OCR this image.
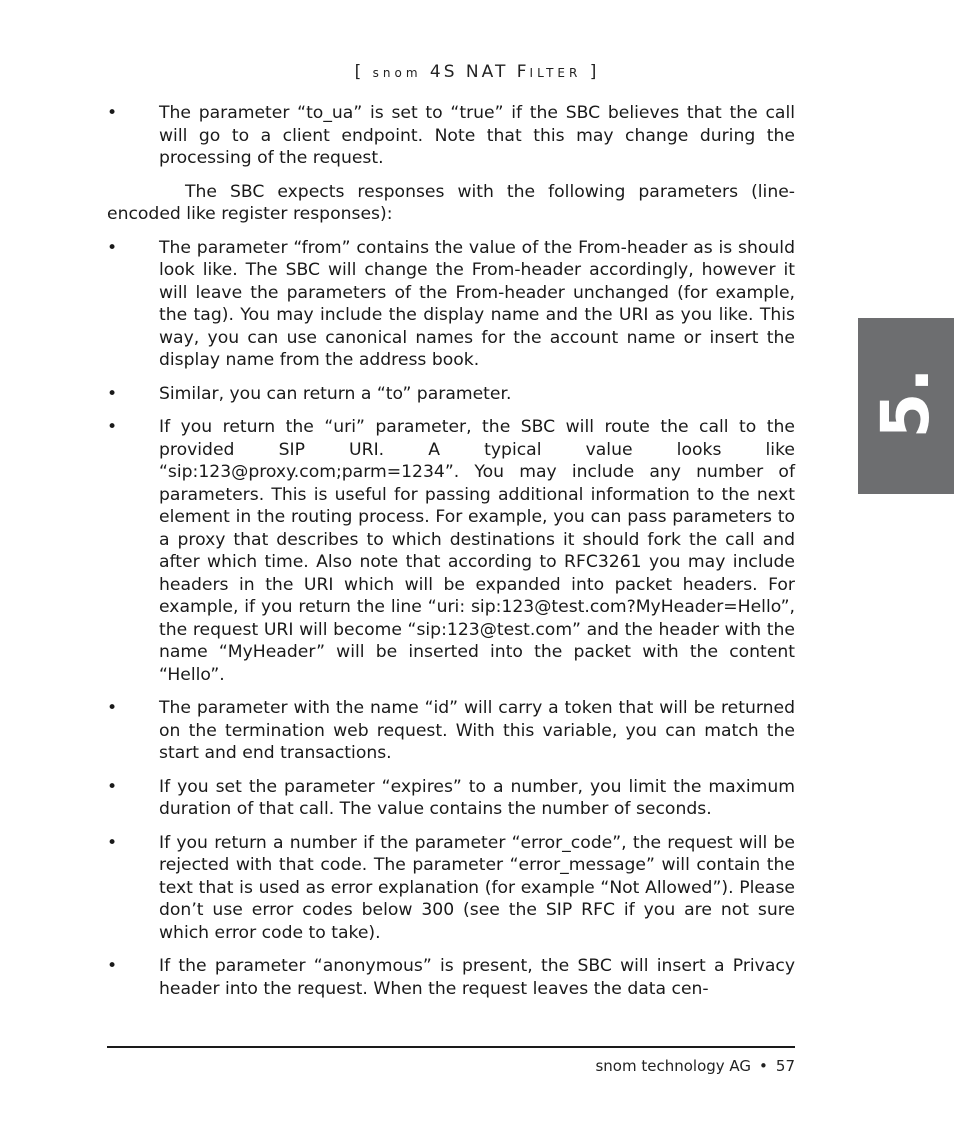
[ snom 4S NAT FILTER ]
5.
•	The parameter “to_ua” is set to “true” if the SBC believes that the call will go to a client endpoint. Note that this may change during the processing of the request.
The SBC expects responses with the following parameters (line-encoded like register responses):
•	The parameter “from” contains the value of the From-header as is should look like. The SBC will change the From-header accordingly, however it will leave the parameters of the From-header unchanged (for example, the tag). You may include the display name and the URI as you like. This way, you can use canonical names for the account name or insert the display name from the address book.
•	Similar, you can return a “to” parameter.
•	If you return the “uri” parameter, the SBC will route the call to the provided SIP URI. A typical value looks like “sip:123@proxy.com;parm=1234”. You may include any number of parameters. This is useful for passing additional information to the next element in the routing process. For example, you can pass parameters to a proxy that describes to which destinations it should fork the call and after which time. Also note that according to RFC3261 you may include headers in the URI which will be expanded into packet headers. For example, if you return the line “uri: sip:123@test.com?MyHeader=Hello”, the request URI will become “sip:123@test.com” and the header with the name “MyHeader” will be inserted into the packet with the content “Hello”.
•	The parameter with the name “id” will carry a token that will be returned on the termination web request. With this variable, you can match the start and end transactions.
•	If you set the parameter “expires” to a number, you limit the maximum duration of that call. The value contains the number of seconds.
•	If you return a number if the parameter “error_code”, the request will be rejected with that code. The parameter “error_message” will contain the text that is used as error explanation (for example “Not Allowed”). Please don’t use error codes below 300 (see the SIP RFC if you are not sure which error code to take).
•	If the parameter “anonymous” is present, the SBC will insert a Privacy header into the request. When the request leaves the data cen-
snom technology AG • 57
